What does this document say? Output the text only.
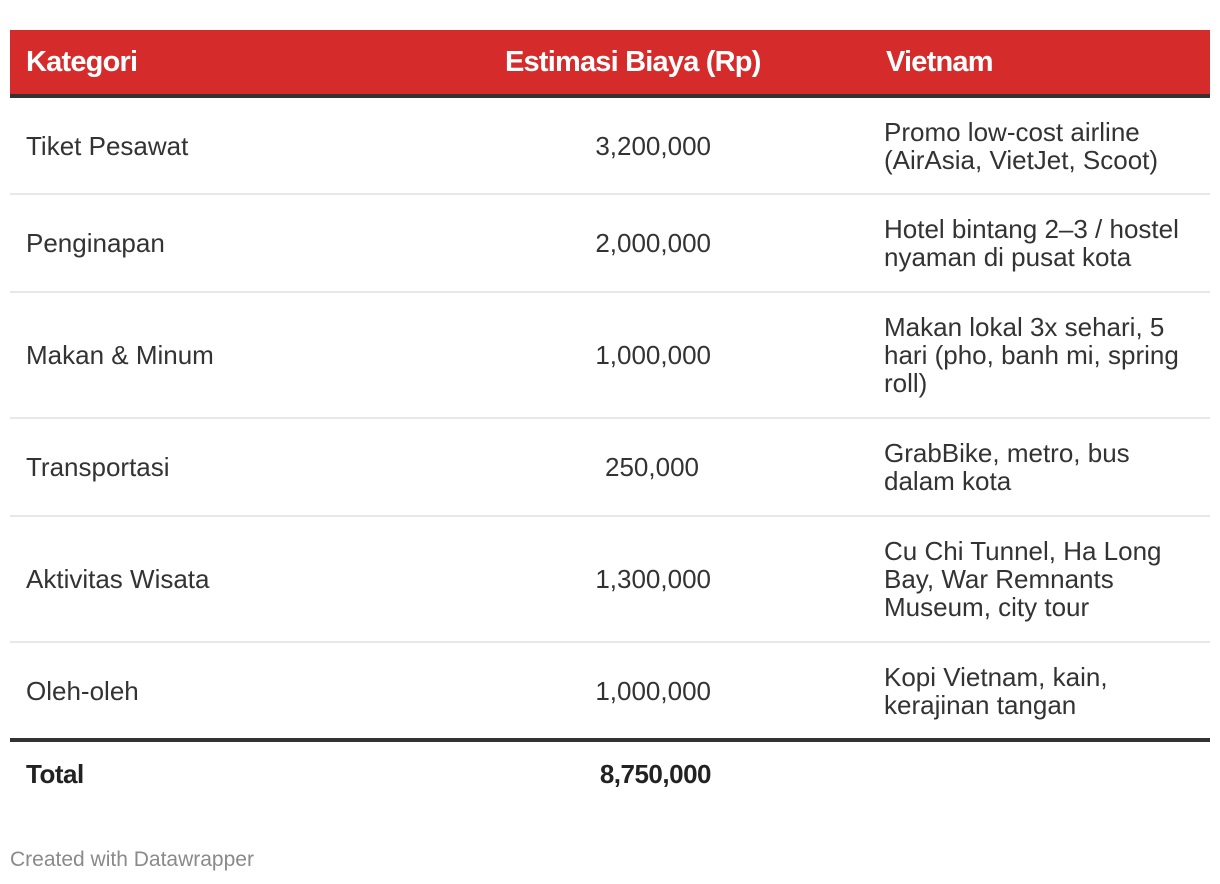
Kategori	Estimasi Biaya (Rp)	Vietnam
Tiket Pesawat	3,200,000	Promo low-cost airline (AirAsia, VietJet, Scoot)
Penginapan	2,000,000	Hotel bintang 2–3 / hostel nyaman di pusat kota
Makan & Minum	1,000,000	Makan lokal 3x sehari, 5 hari (pho, banh mi, spring roll)
Transportasi	250,000	GrabBike, metro, bus dalam kota
Aktivitas Wisata	1,300,000	Cu Chi Tunnel, Ha Long Bay, War Remnants Museum, city tour
Oleh-oleh	1,000,000	Kopi Vietnam, kain, kerajinan tangan
Total	8,750,000	
Created with Datawrapper
